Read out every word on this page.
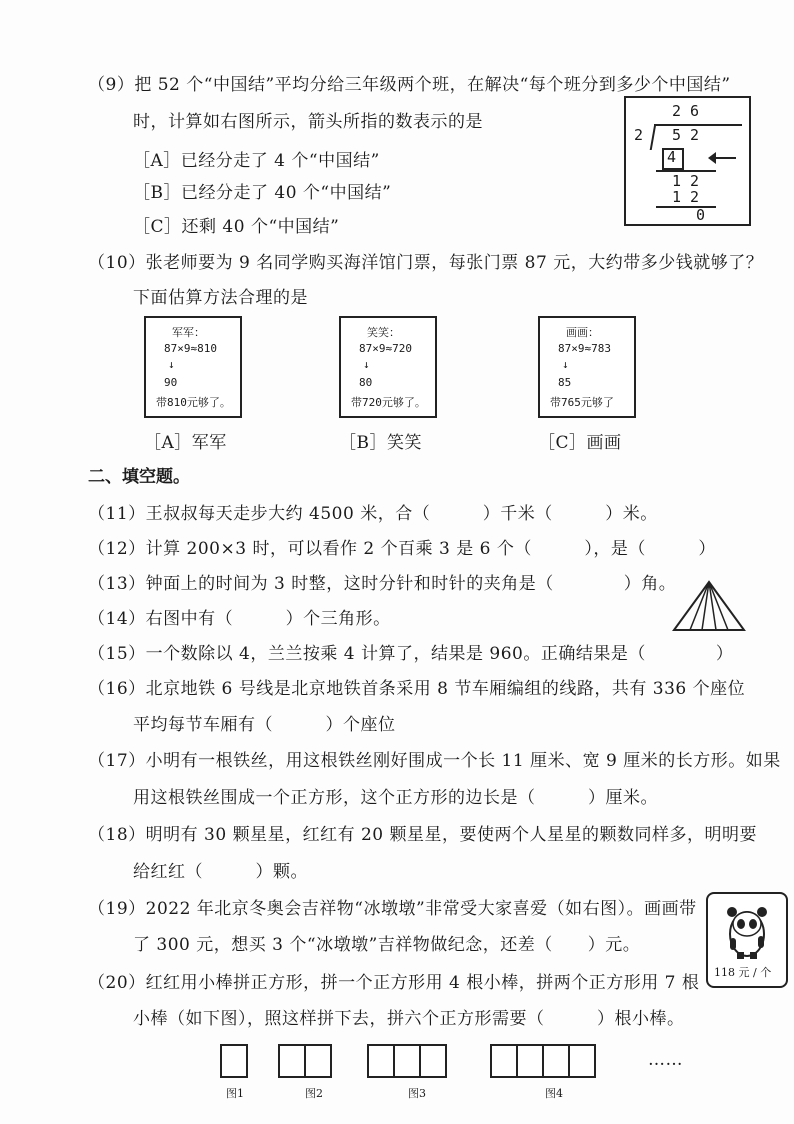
（9）把 52 个“中国结”平均分给三年级两个班，在解决“每个班分到多少个中国结”
时，计算如右图所示，箭头所指的数表示的是
［A］已经分走了 4 个“中国结”
［B］已经分走了 40 个“中国结”
［C］还剩 40 个“中国结”
2 6
2 5 2
4
1 2
1 2
0
（10）张老师要为 9 名同学购买海洋馆门票，每张门票 87 元，大约带多少钱就够了？
下面估算方法合理的是
军军：
87×9≈810
↓
90
带810元够了。
笑笑：
87×9≈720
↓
80
带720元够了。
画画：
87×9≈783
↓
85
带765元够了
［A］军军	［B］笑笑	［C］画画
二、填空题。
（11）王叔叔每天走步大约 4500 米，合（　　　）千米（　　　）米。
（12）计算 200×3 时，可以看作 2 个百乘 3 是 6 个（　　　），是（　　　）
（13）钟面上的时间为 3 时整，这时分针和时针的夹角是（　　　　）角。
（14）右图中有（　　　）个三角形。
（15）一个数除以 4，兰兰按乘 4 计算了，结果是 960。正确结果是（　　　　）
（16）北京地铁 6 号线是北京地铁首条采用 8 节车厢编组的线路，共有 336 个座位
平均每节车厢有（　　　）个座位
（17）小明有一根铁丝，用这根铁丝刚好围成一个长 11 厘米、宽 9 厘米的长方形。如果
用这根铁丝围成一个正方形，这个正方形的边长是（　　　）厘米。
（18）明明有 30 颗星星，红红有 20 颗星星，要使两个人星星的颗数同样多，明明要
给红红（　　　）颗。
（19）2022 年北京冬奥会吉祥物“冰墩墩”非常受大家喜爱（如右图）。画画带
了 300 元，想买 3 个“冰墩墩”吉祥物做纪念，还差（　　）元。
118 元 / 个
（20）红红用小棒拼正方形，拼一个正方形用 4 根小棒，拼两个正方形用 7 根
小棒（如下图），照这样拼下去，拼六个正方形需要（　　　）根小棒。
……
图1	图2	图3	图4
